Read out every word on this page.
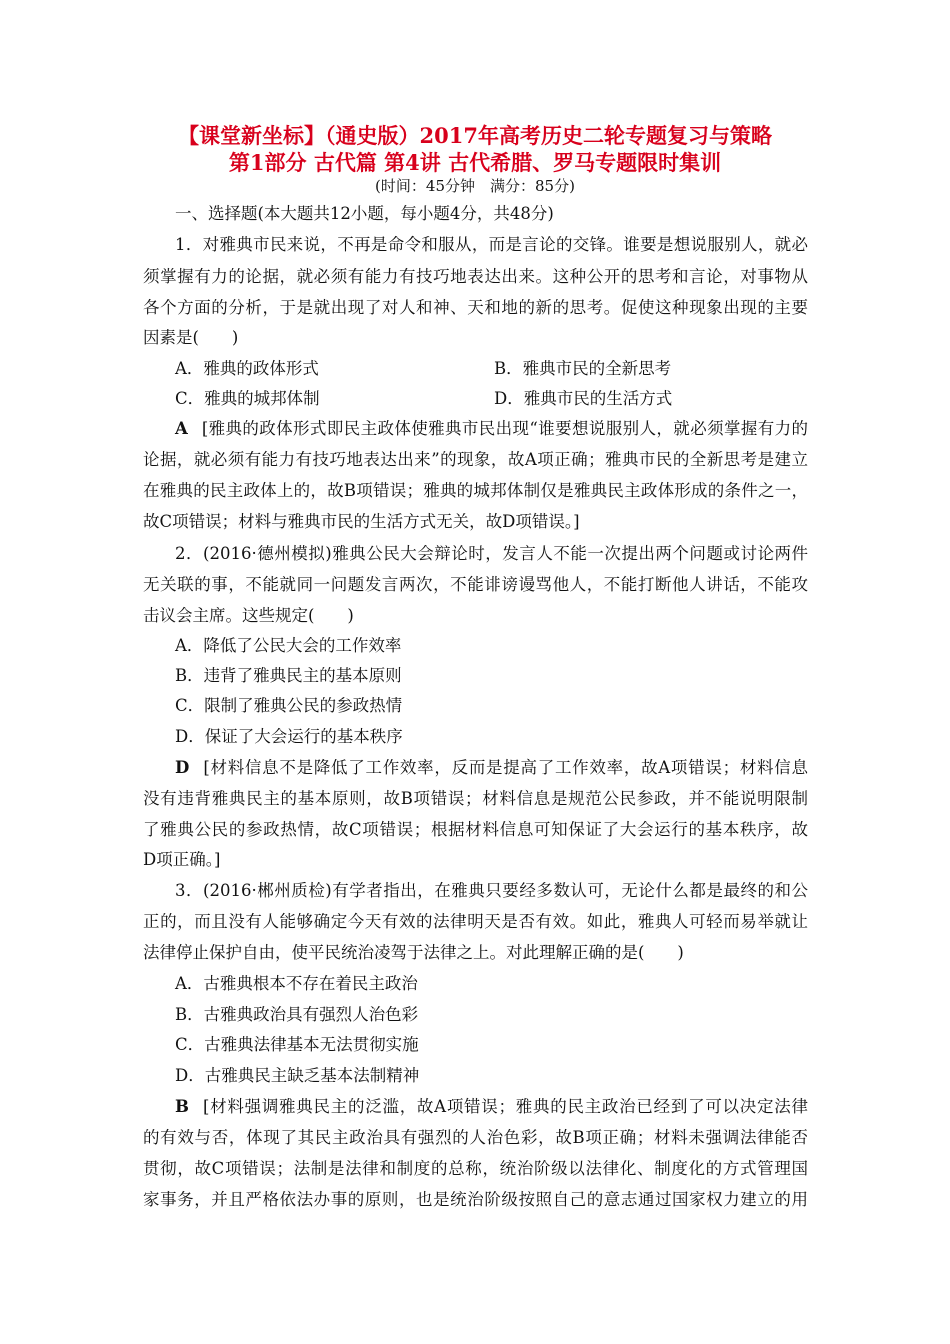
【课堂新坐标】（通史版）2017年高考历史二轮专题复习与策略
第1部分 古代篇 第4讲 古代希腊、罗马专题限时集训
(时间：45分钟　满分：85分)
一、选择题(本大题共12小题，每小题4分，共48分)
1．对雅典市民来说，不再是命令和服从，而是言论的交锋。谁要是想说服别人，就必
须掌握有力的论据，就必须有能力有技巧地表达出来。这种公开的思考和言论，对事物从
各个方面的分析，于是就出现了对人和神、天和地的新的思考。促使这种现象出现的主要
因素是(　　)
A．雅典的政体形式	B．雅典市民的全新思考
C．雅典的城邦体制	D．雅典市民的生活方式
A [雅典的政体形式即民主政体使雅典市民出现“谁要想说服别人，就必须掌握有力的
论据，就必须有能力有技巧地表达出来”的现象，故A项正确；雅典市民的全新思考是建立
在雅典的民主政体上的，故B项错误；雅典的城邦体制仅是雅典民主政体形成的条件之一，
故C项错误；材料与雅典市民的生活方式无关，故D项错误。]
2．(2016·德州模拟)雅典公民大会辩论时，发言人不能一次提出两个问题或讨论两件
无关联的事，不能就同一问题发言两次，不能诽谤谩骂他人，不能打断他人讲话，不能攻
击议会主席。这些规定(　　)
A．降低了公民大会的工作效率
B．违背了雅典民主的基本原则
C．限制了雅典公民的参政热情
D．保证了大会运行的基本秩序
D [材料信息不是降低了工作效率，反而是提高了工作效率，故A项错误；材料信息
没有违背雅典民主的基本原则，故B项错误；材料信息是规范公民参政，并不能说明限制
了雅典公民的参政热情，故C项错误；根据材料信息可知保证了大会运行的基本秩序，故
D项正确。]
3．(2016·郴州质检)有学者指出，在雅典只要经多数认可，无论什么都是最终的和公
正的，而且没有人能够确定今天有效的法律明天是否有效。如此，雅典人可轻而易举就让
法律停止保护自由，使平民统治凌驾于法律之上。对此理解正确的是(　　)
A．古雅典根本不存在着民主政治
B．古雅典政治具有强烈人治色彩
C．古雅典法律基本无法贯彻实施
D．古雅典民主缺乏基本法制精神
B [材料强调雅典民主的泛滥，故A项错误；雅典的民主政治已经到了可以决定法律
的有效与否，体现了其民主政治具有强烈的人治色彩，故B项正确；材料未强调法律能否
贯彻，故C项错误；法制是法律和制度的总称，统治阶级以法律化、制度化的方式管理国
家事务，并且严格依法办事的原则，也是统治阶级按照自己的意志通过国家权力建立的用
